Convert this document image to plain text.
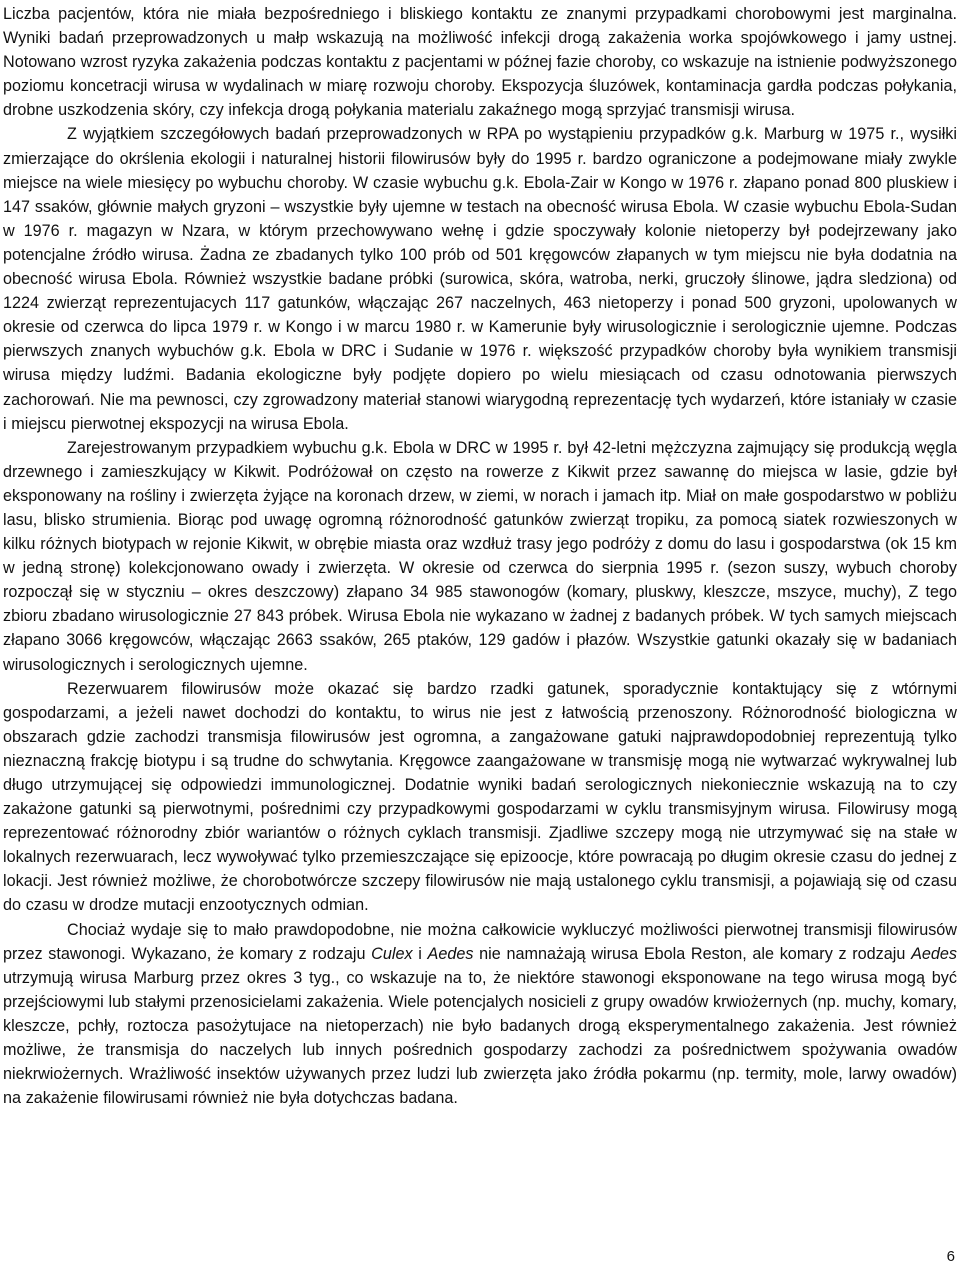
Liczba pacjentów, która nie miała bezpośredniego i bliskiego kontaktu ze znanymi przypadkami chorobowymi jest marginalna. Wyniki badań przeprowadzonych u małp wskazują na możliwość infekcji drogą zakażenia worka spojówkowego i jamy ustnej. Notowano wzrost ryzyka zakażenia podczas kontaktu z pacjentami w późnej fazie choroby, co wskazuje na istnienie podwyższonego poziomu koncetracji wirusa w wydalinach w miarę rozwoju choroby. Ekspozycja śluzówek, kontaminacja gardła podczas połykania, drobne uszkodzenia skóry, czy infekcja drogą połykania materialu zakaźnego mogą sprzyjać transmisji wirusa.

Z wyjątkiem szczegółowych badań przeprowadzonych w RPA po wystąpieniu przypadków g.k. Marburg w 1975 r., wysiłki zmierzające do okrślenia ekologii i naturalnej historii filowirusów były do 1995 r. bardzo ograniczone a podejmowane miały zwykle miejsce na wiele miesięcy po wybuchu choroby. W czasie wybuchu g.k. Ebola-Zair w Kongo w 1976 r. złapano ponad 800 pluskiew i 147 ssaków, głównie małych gryzoni – wszystkie były ujemne w testach na obecność wirusa Ebola. W czasie wybuchu Ebola-Sudan w 1976 r. magazyn w Nzara, w którym przechowywano wełnę i gdzie spoczywały kolonie nietoperzy był podejrzewany jako potencjalne źródło wirusa. Żadna ze zbadanych tylko 100 prób od 501 kręgowców złapanych w tym miejscu nie była dodatnia na obecność wirusa Ebola. Również wszystkie badane próbki (surowica, skóra, watroba, nerki, gruczoły ślinowe, jądra sledziona) od 1224 zwierząt reprezentujacych 117 gatunków, włączając 267 naczelnych, 463 nietoperzy i ponad 500 gryzoni, upolowanych w okresie od czerwca do lipca 1979 r. w Kongo i w marcu 1980 r. w Kamerunie były wirusologicznie i serologicznie ujemne. Podczas pierwszych znanych wybuchów g.k. Ebola w DRC i Sudanie w 1976 r. większość przypadków choroby była wynikiem transmisji wirusa między ludźmi. Badania ekologiczne były podjęte dopiero po wielu miesiącach od czasu odnotowania pierwszych zachorowań. Nie ma pewnosci, czy zgrowadzony materiał stanowi wiarygodną reprezentację tych wydarzeń, które istaniały w czasie i miejscu pierwotnej ekspozycji na wirusa Ebola.

Zarejestrowanym przypadkiem wybuchu g.k. Ebola w DRC w 1995 r. był 42-letni mężczyzna zajmujący się produkcją węgla drzewnego i zamieszkujący w Kikwit. Podróżował on często na rowerze z Kikwit przez sawannę do miejsca w lasie, gdzie był eksponowany na rośliny i zwierzęta żyjące na koronach drzew, w ziemi, w norach i jamach itp. Miał on małe gospodarstwo w pobliżu lasu, blisko strumienia. Biorąc pod uwagę ogromną różnorodność gatunków zwierząt tropiku, za pomocą siatek rozwieszonych w kilku różnych biotypach w rejonie Kikwit, w obrębie miasta oraz wzdłuż trasy jego podróży z domu do lasu i gospodarstwa (ok 15 km w jedną stronę) kolekcjonowano owady i zwierzęta. W okresie od czerwca do sierpnia 1995 r. (sezon suszy, wybuch choroby rozpoczął się w styczniu – okres deszczowy) złapano 34 985 stawonogów (komary, pluskwy, kleszcze, mszyce, muchy), Z tego zbioru zbadano wirusologicznie 27 843 próbek. Wirusa Ebola nie wykazano w żadnej z badanych próbek. W tych samych miejscach złapano 3066 kręgowców, włączając 2663 ssaków, 265 ptaków, 129 gadów i płazów. Wszystkie gatunki okazały się w badaniach wirusologicznych i serologicznych ujemne.

Rezerwuarem filowirusów może okazać się bardzo rzadki gatunek, sporadycznie kontaktujący się z wtórnymi gospodarzami, a jeżeli nawet dochodzi do kontaktu, to wirus nie jest z łatwością przenoszony. Różnorodność biologiczna w obszarach gdzie zachodzi transmisja filowirusów jest ogromna, a zangażowane gatuki najprawdopodobniej reprezentują tylko nieznaczną frakcję biotypu i są trudne do schwytania. Kręgowce zaangażowane w transmisję mogą nie wytwarzać wykrywalnej lub długo utrzymującej się odpowiedzi immunologicznej. Dodatnie wyniki badań serologicznych niekoniecznie wskazują na to czy zakażone gatunki są pierwotnymi, pośrednimi czy przypadkowymi gospodarzami w cyklu transmisyjnym wirusa. Filowirusy mogą reprezentować różnorodny zbiór wariantów o różnych cyklach transmisji. Zjadliwe szczepy mogą nie utrzymywać się na stałe w lokalnych rezerwuarach, lecz wywoływać tylko przemieszczające się epizoocje, które powracają po długim okresie czasu do jednej z lokacji. Jest również możliwe, że chorobotwórcze szczepy filowirusów nie mają ustalonego cyklu transmisji, a pojawiają się od czasu do czasu w drodze mutacji enzootycznych odmian.

Chociaż wydaje się to mało prawdopodobne, nie można całkowicie wykluczyć możliwości pierwotnej transmisji filowirusów przez stawonogi. Wykazano, że komary z rodzaju Culex i Aedes nie namnażają wirusa Ebola Reston, ale komary z rodzaju Aedes utrzymują wirusa Marburg przez okres 3 tyg., co wskazuje na to, że niektóre stawonogi eksponowane na tego wirusa mogą być przejściowymi lub stałymi przenosicielami zakażenia. Wiele potencjalych nosicieli z grupy owadów krwiożernych (np. muchy, komary, kleszcze, pchły, roztocza pasożytujace na nietoperzach) nie było badanych drogą eksperymentalnego zakażenia. Jest również możliwe, że transmisja do naczelych lub innych pośrednich gospodarzy zachodzi za pośrednictwem spożywania owadów niekrwiożernych. Wrażliwość insektów używanych przez ludzi lub zwierzęta jako źródła pokarmu (np. termity, mole, larwy owadów) na zakażenie filowirusami również nie była dotychczas badana.

6
